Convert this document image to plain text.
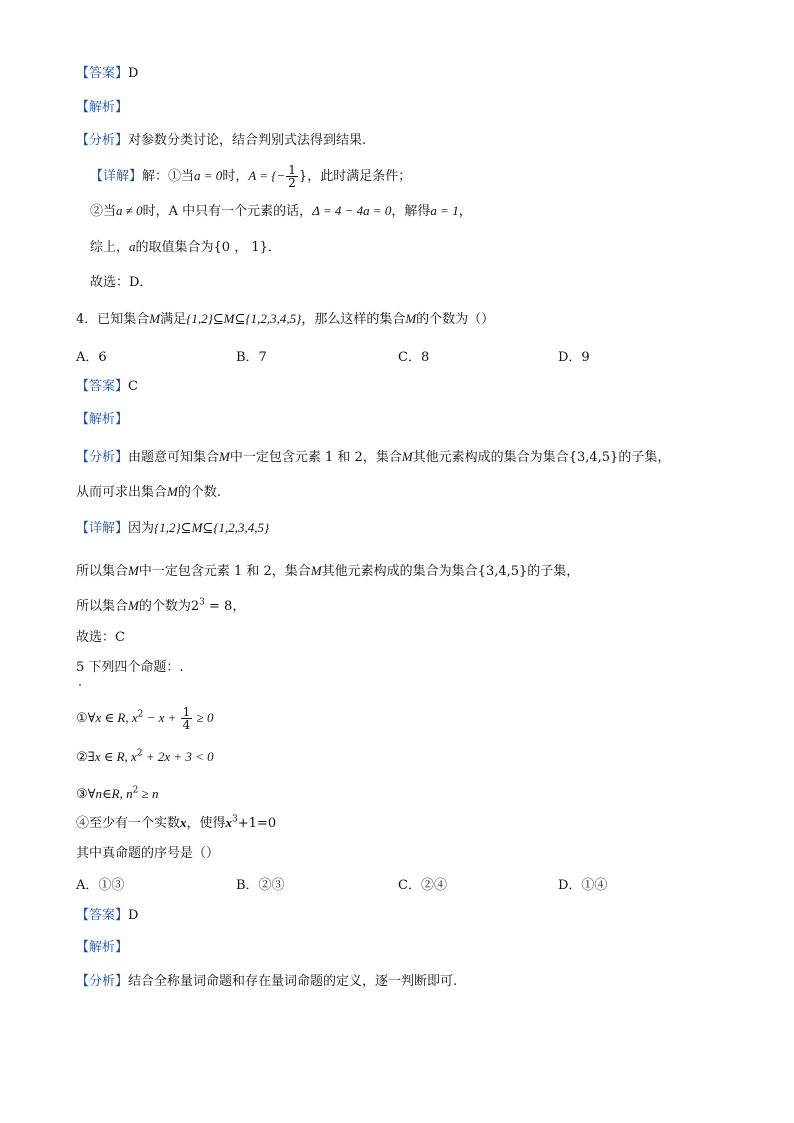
【答案】D
【解析】
【分析】对参数分类讨论，结合判别式法得到结果.
【详解】解：①当a = 0时，A = {− $\frac{1}{2}$ }，此时满足条件；
②当a ≠ 0时，A 中只有一个元素的话，Δ = 4 − 4a = 0，解得a = 1，
综上，a的取值集合为{0 ， 1}．
故选：D．
4．已知集合M满足{1,2}⊆M⊆{1,2,3,4,5}，那么这样的集合M的个数为（）
A．6	B．7	C．8	D．9
【答案】C
【解析】
【分析】由题意可知集合M中一定包含元素 1 和 2，集合M其他元素构成的集合为集合{3,4,5}的子集，
从而可求出集合M的个数.
【详解】因为{1,2}⊆M⊆{1,2,3,4,5}
所以集合M中一定包含元素 1 和 2，集合M其他元素构成的集合为集合{3,4,5}的子集，
所以集合M的个数为$2^3 = 8$，
故选：C
5 下列四个命题：.
①∀x ∈ R, $x^2 - x + \frac{1}{4} \ge 0$
②∃x ∈ R, $x^2 + 2x + 3 < 0$
③∀n∈R, $n^2 \ge n$
④至少有一个实数x，使得$x^3+1=0$
其中真命题的序号是（）
A．①③	B．②③	C．②④	D．①④
【答案】D
【解析】
【分析】结合全称量词命题和存在量词命题的定义，逐一判断即可.
